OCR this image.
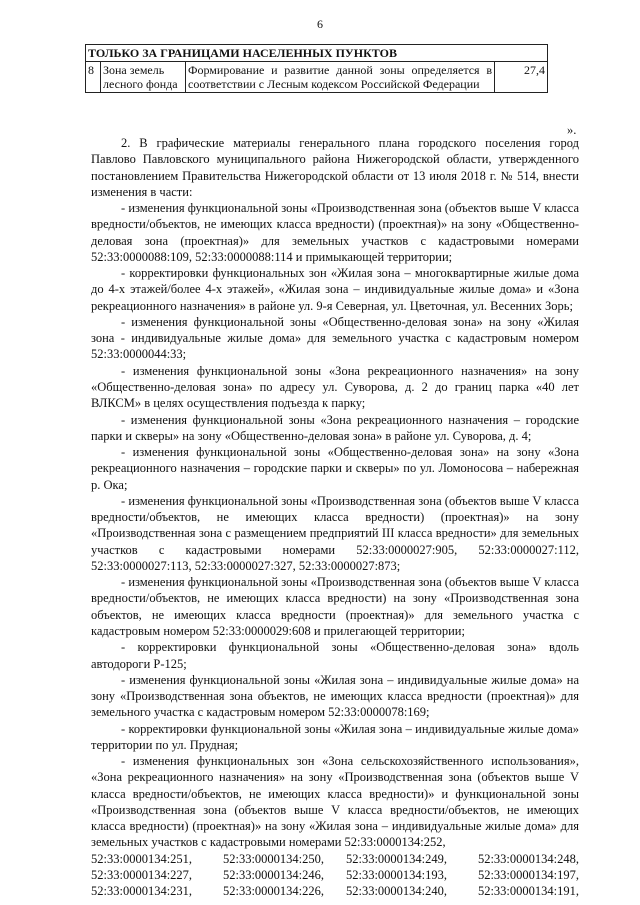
6
ТОЛЬКО ЗА ГРАНИЦАМИ НАСЕЛЕННЫХ ПУНКТОВ
8	Зона земель лесного фонда	Формирование и развитие данной зоны определяется в соответствии с Лесным кодексом Российской Федерации	27,4
».

2. В графические материалы генерального плана городского поселения город Павлово Павловского муниципального района Нижегородской области, утвержденного постановлением Правительства Нижегородской области от 13 июля 2018 г. № 514, внести изменения в части:

- изменения функциональной зоны «Производственная зона (объектов выше V класса вредности/объектов, не имеющих класса вредности) (проектная)» на зону «Общественно-деловая зона (проектная)» для земельных участков с кадастровыми номерами 52:33:0000088:109, 52:33:0000088:114 и примыкающей территории;

- корректировки функциональных зон «Жилая зона – многоквартирные жилые дома до 4-х этажей/более 4-х этажей», «Жилая зона – индивидуальные жилые дома» и «Зона рекреационного назначения» в районе ул. 9-я Северная, ул. Цветочная, ул. Весенних Зорь;

- изменения функциональной зоны «Общественно-деловая зона» на зону «Жилая зона - индивидуальные жилые дома» для земельного участка с кадастровым номером 52:33:0000044:33;

- изменения функциональной зоны «Зона рекреационного назначения» на зону «Общественно-деловая зона» по адресу ул. Суворова, д. 2 до границ парка «40 лет ВЛКСМ» в целях осуществления подъезда к парку;

- изменения функциональной зоны «Зона рекреационного назначения – городские парки и скверы» на зону «Общественно-деловая зона» в районе ул. Суворова, д. 4;

- изменения функциональной зоны «Общественно-деловая зона» на зону «Зона рекреационного назначения – городские парки и скверы» по ул. Ломоносова – набережная р. Ока;

- изменения функциональной зоны «Производственная зона (объектов выше V класса вредности/объектов, не имеющих класса вредности) (проектная)» на зону «Производственная зона с размещением предприятий III класса вредности» для земельных участков с кадастровыми номерами 52:33:0000027:905, 52:33:0000027:112, 52:33:0000027:113, 52:33:0000027:327, 52:33:0000027:873;

- изменения функциональной зоны «Производственная зона (объектов выше V класса вредности/объектов, не имеющих класса вредности) на зону «Производственная зона объектов, не имеющих класса вредности (проектная)» для земельного участка с кадастровым номером 52:33:0000029:608 и прилегающей территории;

- корректировки функциональной зоны «Общественно-деловая зона» вдоль автодороги Р-125;

- изменения функциональной зоны «Жилая зона – индивидуальные жилые дома» на зону «Производственная зона объектов, не имеющих класса вредности (проектная)» для земельного участка с кадастровым номером 52:33:0000078:169;

- корректировки функциональной зоны «Жилая зона – индивидуальные жилые дома» территории по ул. Прудная;

- изменения функциональных зон «Зона сельскохозяйственного использования», «Зона рекреационного назначения» на зону «Производственная зона (объектов выше V класса вредности/объектов, не имеющих класса вредности)» и функциональной зоны «Производственная зона (объектов выше V класса вредности/объектов, не имеющих класса вредности) (проектная)» на зону «Жилая зона – индивидуальные жилые дома» для земельных участков с кадастровыми номерами 52:33:0000134:252,

52:33:0000134:251,	52:33:0000134:250,	52:33:0000134:249,	52:33:0000134:248,
52:33:0000134:227,	52:33:0000134:246,	52:33:0000134:193,	52:33:0000134:197,
52:33:0000134:231,	52:33:0000134:226,	52:33:0000134:240,	52:33:0000134:191,
